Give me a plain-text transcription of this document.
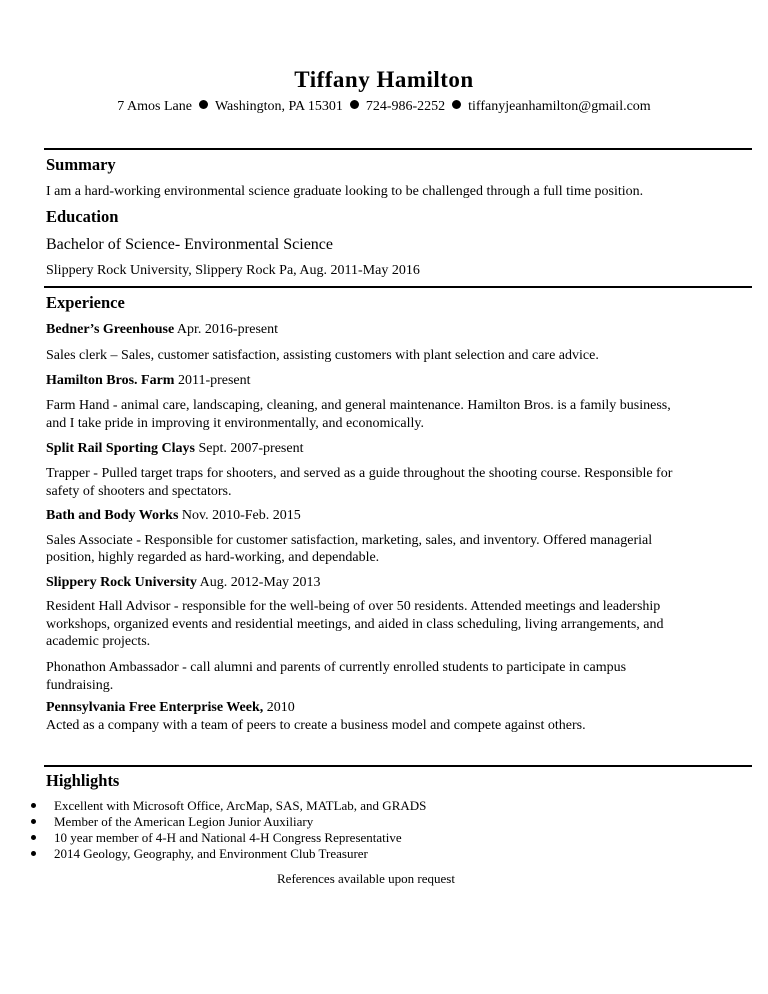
Tiffany Hamilton
7 Amos Lane Washington, PA 15301 724-986-2252 tiffanyjeanhamilton@gmail.com
Summary
I am a hard-working environmental science graduate looking to be challenged through a full time position.
Education
Bachelor of Science- Environmental Science
Slippery Rock University, Slippery Rock Pa, Aug. 2011-May 2016
Experience
Bedner’s Greenhouse Apr. 2016-present
Sales clerk – Sales, customer satisfaction, assisting customers with plant selection and care advice.
Hamilton Bros. Farm 2011-present
Farm Hand - animal care, landscaping, cleaning, and general maintenance. Hamilton Bros. is a family business,
and I take pride in improving it environmentally, and economically.
Split Rail Sporting Clays Sept. 2007-present
Trapper - Pulled target traps for shooters, and served as a guide throughout the shooting course. Responsible for
safety of shooters and spectators.
Bath and Body Works Nov. 2010-Feb. 2015
Sales Associate - Responsible for customer satisfaction, marketing, sales, and inventory. Offered managerial
position, highly regarded as hard-working, and dependable.
Slippery Rock University Aug. 2012-May 2013
Resident Hall Advisor - responsible for the well-being of over 50 residents. Attended meetings and leadership
workshops, organized events and residential meetings, and aided in class scheduling, living arrangements, and
academic projects.
Phonathon Ambassador - call alumni and parents of currently enrolled students to participate in campus
fundraising.
Pennsylvania Free Enterprise Week, 2010
Acted as a company with a team of peers to create a business model and compete against others.
Highlights
Excellent with Microsoft Office, ArcMap, SAS, MATLab, and GRADS
Member of the American Legion Junior Auxiliary
10 year member of 4-H and National 4-H Congress Representative
2014 Geology, Geography, and Environment Club Treasurer
References available upon request
